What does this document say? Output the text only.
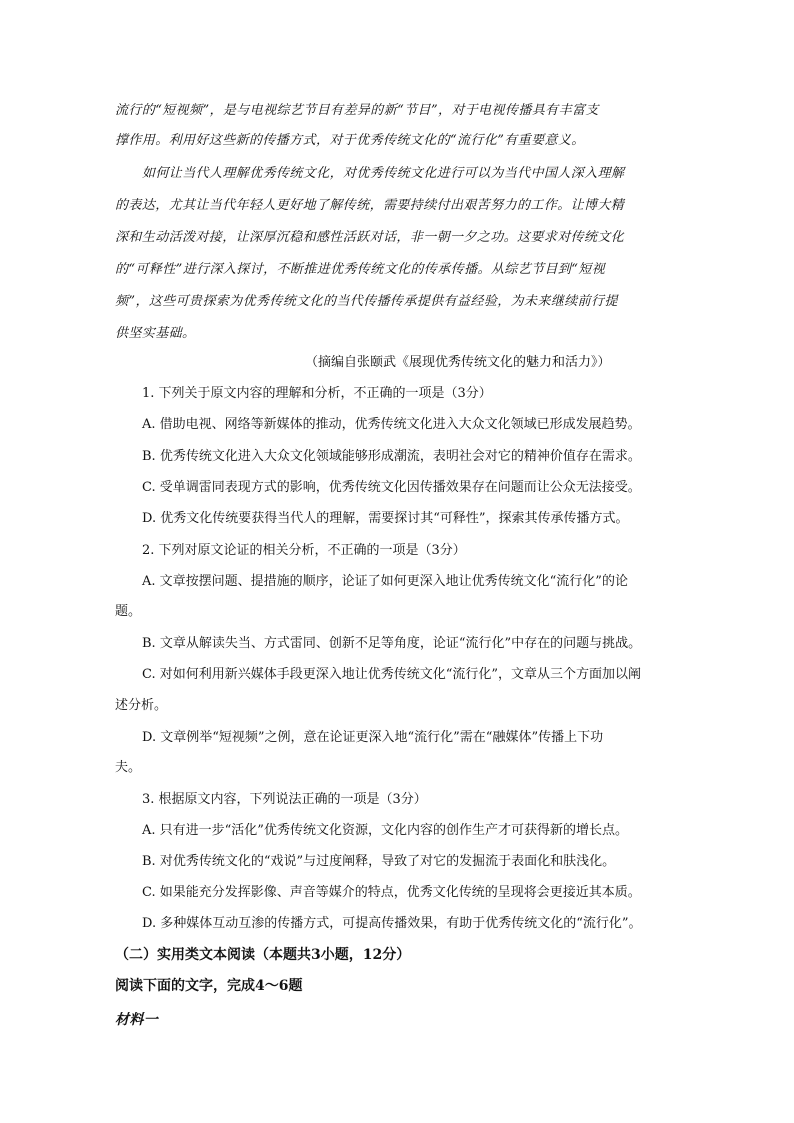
流行的“短视频”，是与电视综艺节目有差异的新“节目”，对于电视传播具有丰富支
撑作用。利用好这些新的传播方式，对于优秀传统文化的“流行化”有重要意义。
如何让当代人理解优秀传统文化，对优秀传统文化进行可以为当代中国人深入理解
的表达，尤其让当代年轻人更好地了解传统，需要持续付出艰苦努力的工作。让博大精
深和生动活泼对接，让深厚沉稳和感性活跃对话，非一朝一夕之功。这要求对传统文化
的“可释性”进行深入探讨，不断推进优秀传统文化的传承传播。从综艺节目到“短视
频”，这些可贵探索为优秀传统文化的当代传播传承提供有益经验，为未来继续前行提
供坚实基础。
（摘编自张颐武《展现优秀传统文化的魅力和活力》）
1. 下列关于原文内容的理解和分析，不正确的一项是（3分）
A. 借助电视、网络等新媒体的推动，优秀传统文化进入大众文化领域已形成发展趋势。
B. 优秀传统文化进入大众文化领域能够形成潮流，表明社会对它的精神价值存在需求。
C. 受单调雷同表现方式的影响，优秀传统文化因传播效果存在问题而让公众无法接受。
D. 优秀文化传统要获得当代人的理解，需要探讨其“可释性”，探索其传承传播方式。
2. 下列对原文论证的相关分析，不正确的一项是（3分）
A. 文章按摆问题、提措施的顺序，论证了如何更深入地让优秀传统文化“流行化”的论
题。
B. 文章从解读失当、方式雷同、创新不足等角度，论证“流行化”中存在的问题与挑战。
C. 对如何利用新兴媒体手段更深入地让优秀传统文化“流行化”，文章从三个方面加以阐
述分析。
D. 文章例举“短视频”之例，意在论证更深入地“流行化”需在“融媒体”传播上下功
夫。
3. 根据原文内容，下列说法正确的一项是（3分）
A. 只有进一步“活化”优秀传统文化资源，文化内容的创作生产才可获得新的增长点。
B. 对优秀传统文化的“戏说”与过度阐释，导致了对它的发掘流于表面化和肤浅化。
C. 如果能充分发挥影像、声音等媒介的特点，优秀文化传统的呈现将会更接近其本质。
D. 多种媒体互动互渗的传播方式，可提高传播效果，有助于优秀传统文化的“流行化”。
（二）实用类文本阅读（本题共3小题，12分）
阅读下面的文字，完成4～6题
材料一
